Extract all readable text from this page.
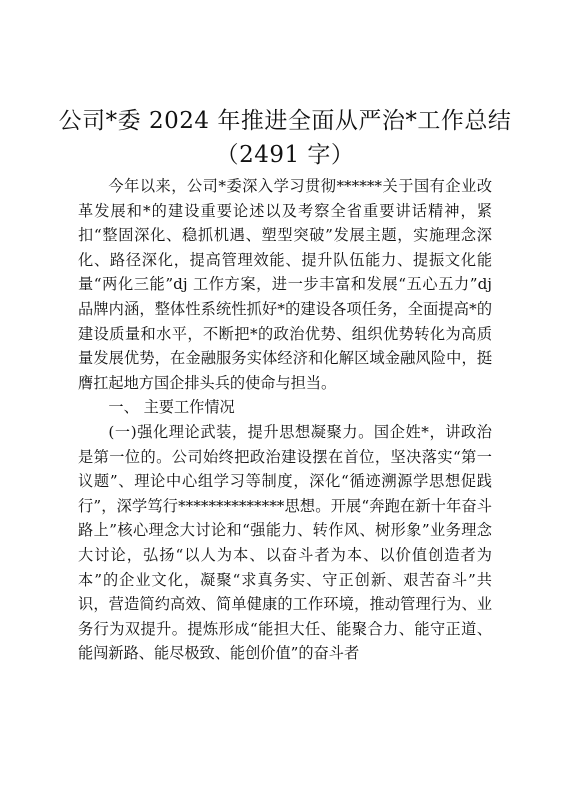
公司*委 2024 年推进全面从严治*工作总结
（2491 字）

今年以来，公司*委深入学习贯彻******关于国有企业改革发展和*的建设重要论述以及考察全省重要讲话精神，紧扣“整固深化、稳抓机遇、塑型突破”发展主题，实施理念深化、路径深化，提高管理效能、提升队伍能力、提振文化能量“两化三能”dj 工作方案，进一步丰富和发展“五心五力”dj 品牌内涵，整体性系统性抓好*的建设各项任务，全面提高*的建设质量和水平，不断把*的政治优势、组织优势转化为高质量发展优势，在金融服务实体经济和化解区域金融风险中，挺膺扛起地方国企排头兵的使命与担当。

一、 主要工作情况

(一)强化理论武装，提升思想凝聚力。国企姓*，讲政治是第一位的。公司始终把政治建设摆在首位，坚决落实“第一议题”、理论中心组学习等制度，深化“循迹溯源学思想促践行”，深学笃行**************思想。开展“奔跑在新十年奋斗路上”核心理念大讨论和“强能力、转作风、树形象”业务理念大讨论，弘扬“以人为本、以奋斗者为本、以价值创造者为本”的企业文化，凝聚“求真务实、守正创新、艰苦奋斗”共识，营造简约高效、简单健康的工作环境，推动管理行为、业务行为双提升。提炼形成“能担大任、能聚合力、能守正道、能闯新路、能尽极致、能创价值”的奋斗者
